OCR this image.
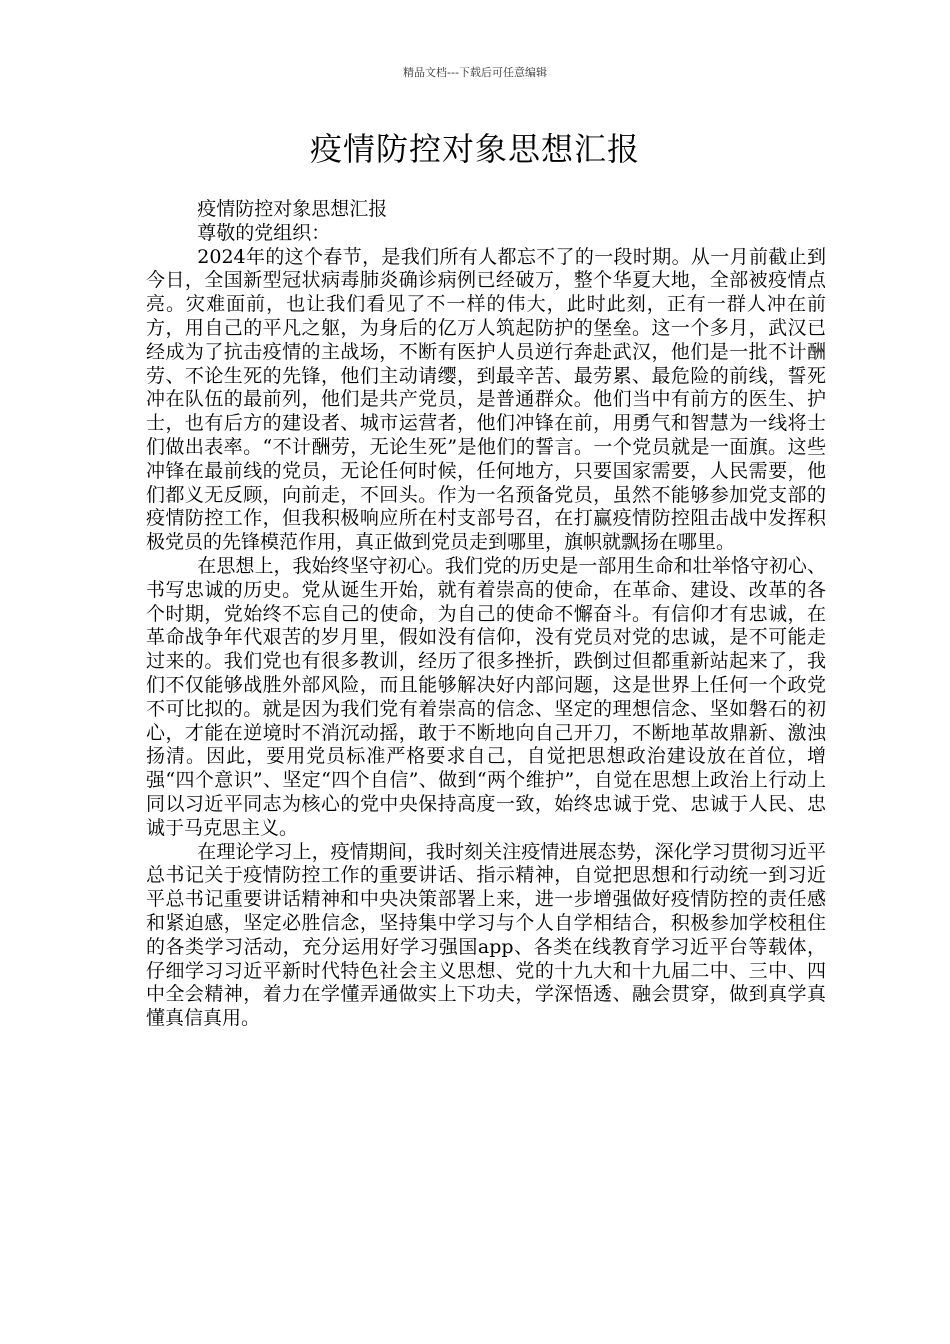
精品文档---下载后可任意编辑
疫情防控对象思想汇报

疫情防控对象思想汇报

尊敬的党组织：

2024年的这个春节，是我们所有人都忘不了的一段时期。从一月前截止到今日，全国新型冠状病毒肺炎确诊病例已经破万，整个华夏大地，全部被疫情点亮。灾难面前，也让我们看见了不一样的伟大，此时此刻，正有一群人冲在前方，用自己的平凡之躯，为身后的亿万人筑起防护的堡垒。这一个多月，武汉已经成为了抗击疫情的主战场，不断有医护人员逆行奔赴武汉，他们是一批不计酬劳、不论生死的先锋，他们主动请缨，到最辛苦、最劳累、最危险的前线，誓死冲在队伍的最前列，他们是共产党员，是普通群众。他们当中有前方的医生、护士，也有后方的建设者、城市运营者，他们冲锋在前，用勇气和智慧为一线将士们做出表率。“不计酬劳，无论生死”是他们的誓言。一个党员就是一面旗。这些冲锋在最前线的党员，无论任何时候，任何地方，只要国家需要，人民需要，他们都义无反顾，向前走，不回头。作为一名预备党员，虽然不能够参加党支部的疫情防控工作，但我积极响应所在村支部号召，在打赢疫情防控阻击战中发挥积极党员的先锋模范作用，真正做到党员走到哪里，旗帜就飘扬在哪里。

在思想上，我始终坚守初心。我们党的历史是一部用生命和壮举恪守初心、书写忠诚的历史。党从诞生开始，就有着崇高的使命，在革命、建设、改革的各个时期，党始终不忘自己的使命，为自己的使命不懈奋斗。有信仰才有忠诚，在革命战争年代艰苦的岁月里，假如没有信仰，没有党员对党的忠诚，是不可能走过来的。我们党也有很多教训，经历了很多挫折，跌倒过但都重新站起来了，我们不仅能够战胜外部风险，而且能够解决好内部问题，这是世界上任何一个政党不可比拟的。就是因为我们党有着崇高的信念、坚定的理想信念、坚如磐石的初心，才能在逆境时不消沉动摇，敢于不断地向自己开刀，不断地革故鼎新、激浊扬清。因此，要用党员标准严格要求自己，自觉把思想政治建设放在首位，增强“四个意识”、坚定“四个自信”、做到“两个维护”，自觉在思想上政治上行动上同以习近平同志为核心的党中央保持高度一致，始终忠诚于党、忠诚于人民、忠诚于马克思主义。

在理论学习上，疫情期间，我时刻关注疫情进展态势，深化学习贯彻习近平总书记关于疫情防控工作的重要讲话、指示精神，自觉把思想和行动统一到习近平总书记重要讲话精神和中央决策部署上来，进一步增强做好疫情防控的责任感和紧迫感，坚定必胜信念，坚持集中学习与个人自学相结合，积极参加学校租住的各类学习活动，充分运用好学习强国app、各类在线教育学习近平台等载体，仔细学习习近平新时代特色社会主义思想、党的十九大和十九届二中、三中、四中全会精神，着力在学懂弄通做实上下功夫，学深悟透、融会贯穿，做到真学真懂真信真用。
